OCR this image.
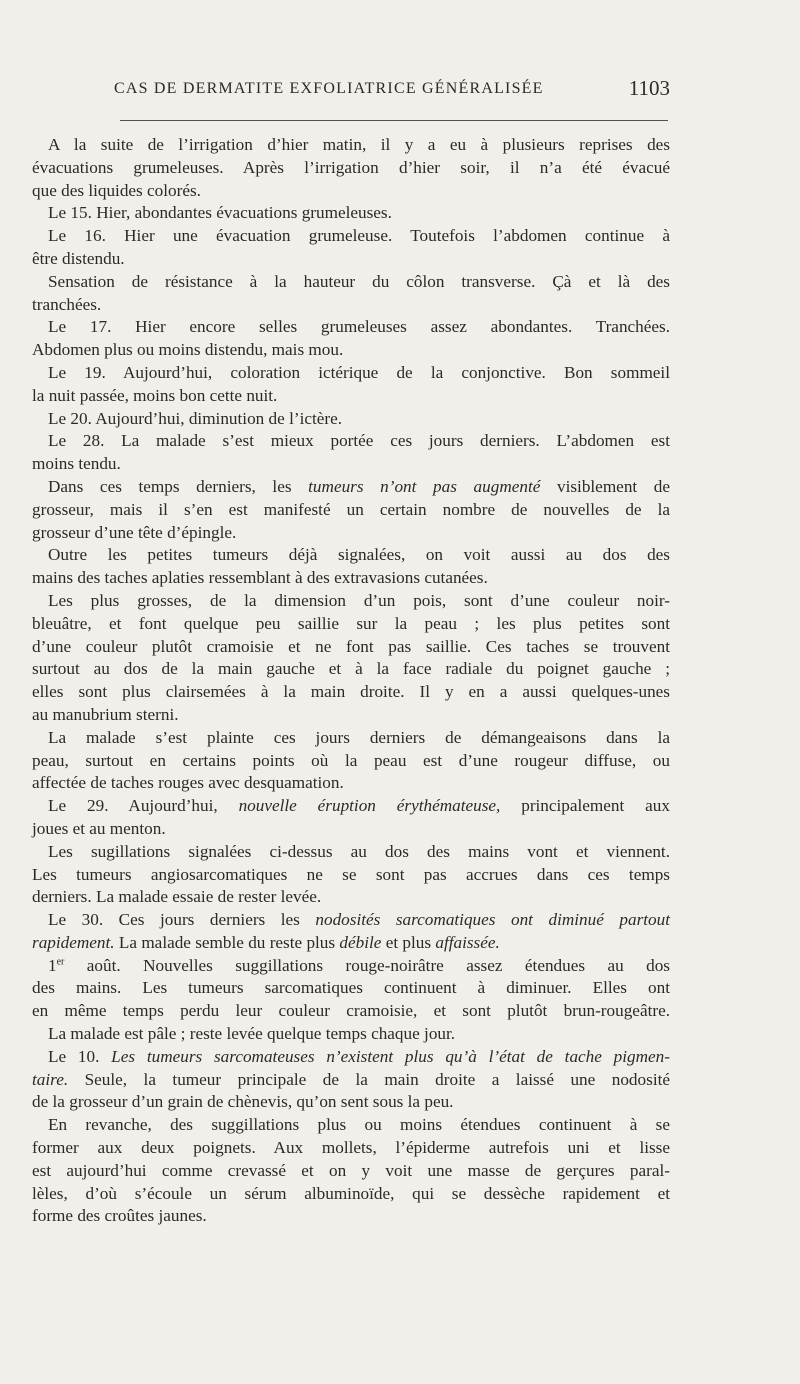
CAS DE DERMATITE EXFOLIATRICE GÉNÉRALISÉE	1103
A la suite de l’irrigation d’hier matin, il y a eu à plusieurs reprises des
évacuations grumeleuses. Après l’irrigation d’hier soir, il n’a été évacué
que des liquides colorés.
Le 15. Hier, abondantes évacuations grumeleuses.
Le 16. Hier une évacuation grumeleuse. Toutefois l’abdomen continue à
être distendu.
Sensation de résistance à la hauteur du côlon transverse. Çà et là des
tranchées.
Le 17. Hier encore selles grumeleuses assez abondantes. Tranchées.
Abdomen plus ou moins distendu, mais mou.
Le 19. Aujourd’hui, coloration ictérique de la conjonctive. Bon sommeil
la nuit passée, moins bon cette nuit.
Le 20. Aujourd’hui, diminution de l’ictère.
Le 28. La malade s’est mieux portée ces jours derniers. L’abdomen est
moins tendu.
Dans ces temps derniers, les tumeurs n’ont pas augmenté visiblement de
grosseur, mais il s’en est manifesté un certain nombre de nouvelles de la
grosseur d’une tête d’épingle.
Outre les petites tumeurs déjà signalées, on voit aussi au dos des
mains des taches aplaties ressemblant à des extravasions cutanées.
Les plus grosses, de la dimension d’un pois, sont d’une couleur noir-
bleuâtre, et font quelque peu saillie sur la peau ; les plus petites sont
d’une couleur plutôt cramoisie et ne font pas saillie. Ces taches se trouvent
surtout au dos de la main gauche et à la face radiale du poignet gauche ;
elles sont plus clairsemées à la main droite. Il y en a aussi quelques-unes
au manubrium sterni.
La malade s’est plainte ces jours derniers de démangeaisons dans la
peau, surtout en certains points où la peau est d’une rougeur diffuse, ou
affectée de taches rouges avec desquamation.
Le 29. Aujourd’hui, nouvelle éruption érythémateuse, principalement aux
joues et au menton.
Les sugillations signalées ci-dessus au dos des mains vont et viennent.
Les tumeurs angiosarcomatiques ne se sont pas accrues dans ces temps
derniers. La malade essaie de rester levée.
Le 30. Ces jours derniers les nodosités sarcomatiques ont diminué partout
rapidement. La malade semble du reste plus débile et plus affaissée.
1er août. Nouvelles suggillations rouge-noirâtre assez étendues au dos
des mains. Les tumeurs sarcomatiques continuent à diminuer. Elles ont
en même temps perdu leur couleur cramoisie, et sont plutôt brun-rougeâtre.
La malade est pâle ; reste levée quelque temps chaque jour.
Le 10. Les tumeurs sarcomateuses n’existent plus qu’à l’état de tache pigmen-
taire. Seule, la tumeur principale de la main droite a laissé une nodosité
de la grosseur d’un grain de chènevis, qu’on sent sous la peu.
En revanche, des suggillations plus ou moins étendues continuent à se
former aux deux poignets. Aux mollets, l’épiderme autrefois uni et lisse
est aujourd’hui comme crevassé et on y voit une masse de gerçures paral-
lèles, d’où s’écoule un sérum albuminoïde, qui se dessèche rapidement et
forme des croûtes jaunes.
